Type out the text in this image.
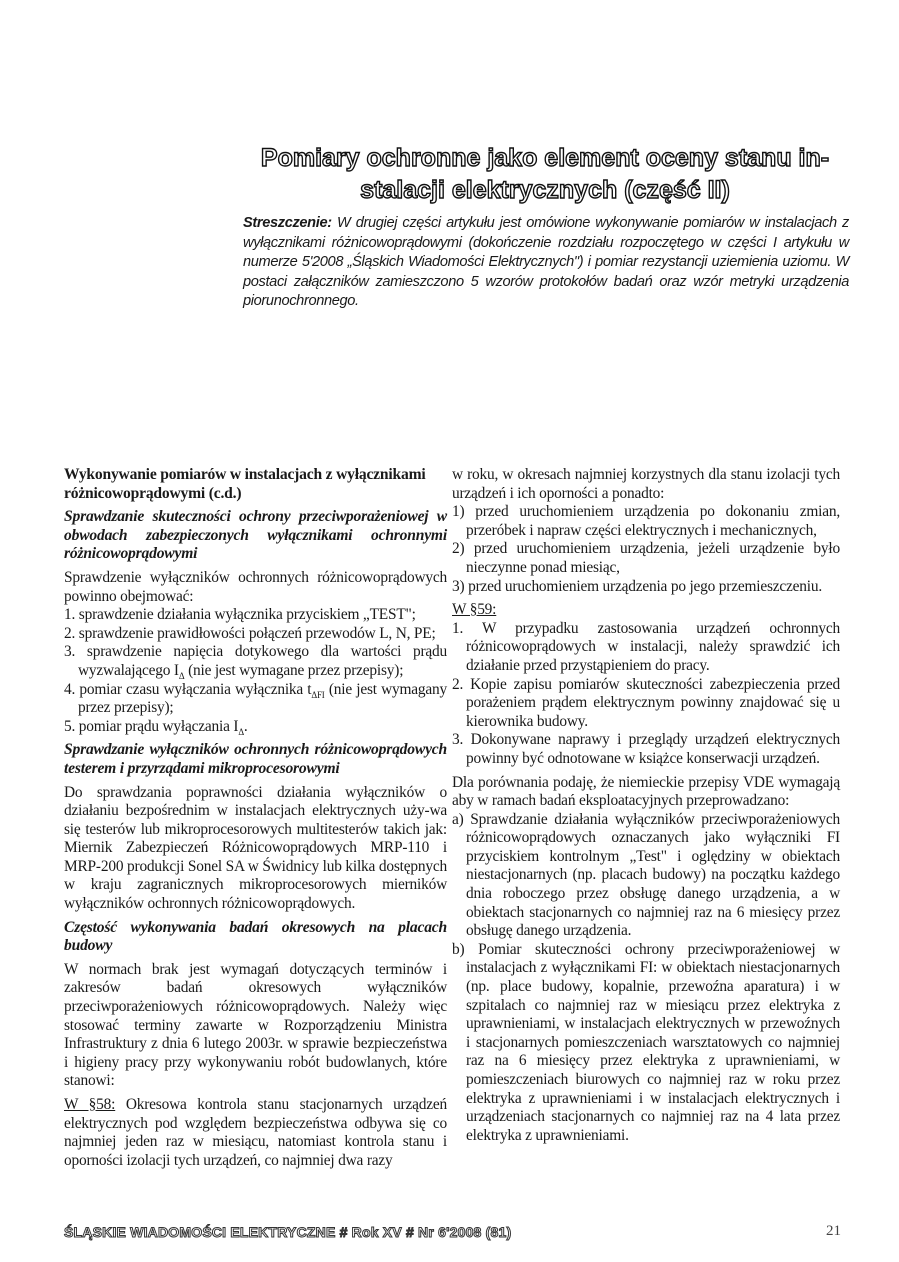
Pomiary ochronne jako element oceny stanu in-
stalacji elektrycznych (część II)
Streszczenie: W drugiej części artykułu jest omówione wykonywanie pomiarów w instalacjach z wyłącznikami różnicowoprądowymi (dokończenie rozdziału rozpoczętego w części I artykułu w numerze 5'2008 „Śląskich Wiadomości Elektrycznych") i pomiar rezystancji uziemienia uziomu. W postaci załączników zamieszczono 5 wzorów protokołów badań oraz wzór metryki urządzenia piorunochronnego.
Wykonywanie pomiarów w instalacjach z wyłącznikami różnicowoprądowymi (c.d.)
Sprawdzanie skuteczności ochrony przeciwporażeniowej w obwodach zabezpieczonych wyłącznikami ochronnymi różnicowoprądowymi

Sprawdzenie wyłączników ochronnych różnicowoprądowych powinno obejmować:

1. sprawdzenie działania wyłącznika przyciskiem „TEST";
2. sprawdzenie prawidłowości połączeń przewodów L, N, PE;
3. sprawdzenie napięcia dotykowego dla wartości prądu wyzwalającego $I_\Delta$ (nie jest wymagane przez przepisy);
4. pomiar czasu wyłączania wyłącznika $t_{\Delta FI}$ (nie jest wymagany przez przepisy);
5. pomiar prądu wyłączania $I_\Delta$.
Sprawdzanie wyłączników ochronnych różnicowoprądowych testerem i przyrządami mikroprocesorowymi

Do sprawdzania poprawności działania wyłączników o działaniu bezpośrednim w instalacjach elektrycznych uży-wa się testerów lub mikroprocesorowych multitesterów takich jak: Miernik Zabezpieczeń Różnicowoprądowych MRP-110 i MRP-200 produkcji Sonel SA w Świdnicy lub kilka dostępnych w kraju zagranicznych mikroprocesorowych mierników wyłączników ochronnych różnicowoprądowych.

Częstość wykonywania badań okresowych na placach budowy

W normach brak jest wymagań dotyczących terminów i zakresów badań okresowych wyłączników przeciwporażeniowych różnicowoprądowych. Należy więc stosować terminy zawarte w Rozporządzeniu Ministra Infrastruktury z dnia 6 lutego 2003r. w sprawie bezpieczeństwa i higieny pracy przy wykonywaniu robót budowlanych, które stanowi:

W §58: Okresowa kontrola stanu stacjonarnych urządzeń elektrycznych pod względem bezpieczeństwa odbywa się co najmniej jeden raz w miesiącu, natomiast kontrola stanu i oporności izolacji tych urządzeń, co najmniej dwa razy

w roku, w okresach najmniej korzystnych dla stanu izolacji tych urządzeń i ich oporności a ponadto:

1) przed uruchomieniem urządzenia po dokonaniu zmian, przeróbek i napraw części elektrycznych i mechanicznych,
2) przed uruchomieniem urządzenia, jeżeli urządzenie było nieczynne ponad miesiąc,
3) przed uruchomieniem urządzenia po jego przemieszczeniu.

W §59:

1. W przypadku zastosowania urządzeń ochronnych różnicowoprądowych w instalacji, należy sprawdzić ich działanie przed przystąpieniem do pracy.
2. Kopie zapisu pomiarów skuteczności zabezpieczenia przed porażeniem prądem elektrycznym powinny znajdować się u kierownika budowy.
3. Dokonywane naprawy i przeglądy urządzeń elektrycznych powinny być odnotowane w książce konserwacji urządzeń.

Dla porównania podaję, że niemieckie przepisy VDE wymagają aby w ramach badań eksploatacyjnych przeprowadzano:

a) Sprawdzanie działania wyłączników przeciwporażeniowych różnicowoprądowych oznaczanych jako wyłączniki FI przyciskiem kontrolnym „Test" i oględziny w obiektach niestacjonarnych (np. placach budowy) na początku każdego dnia roboczego przez obsługę danego urządzenia, a w obiektach stacjonarnych co najmniej raz na 6 miesięcy przez obsługę danego urządzenia.
b) Pomiar skuteczności ochrony przeciwporażeniowej w instalacjach z wyłącznikami FI: w obiektach niestacjonarnych (np. place budowy, kopalnie, przewoźna aparatura) i w szpitalach co najmniej raz w miesiącu przez elektryka z uprawnieniami, w instalacjach elektrycznych w przewoźnych i stacjonarnych pomieszczeniach warsztatowych co najmniej raz na 6 miesięcy przez elektryka z uprawnieniami, w pomieszczeniach biurowych co najmniej raz w roku przez elektryka z uprawnieniami i w instalacjach elektrycznych i urządzeniach stacjonarnych co najmniej raz na 4 lata przez elektryka z uprawnieniami.
ŚLĄSKIE WIADOMOŚCI ELEKTRYCZNE # Rok XV # Nr 6'2008 (81)	21
